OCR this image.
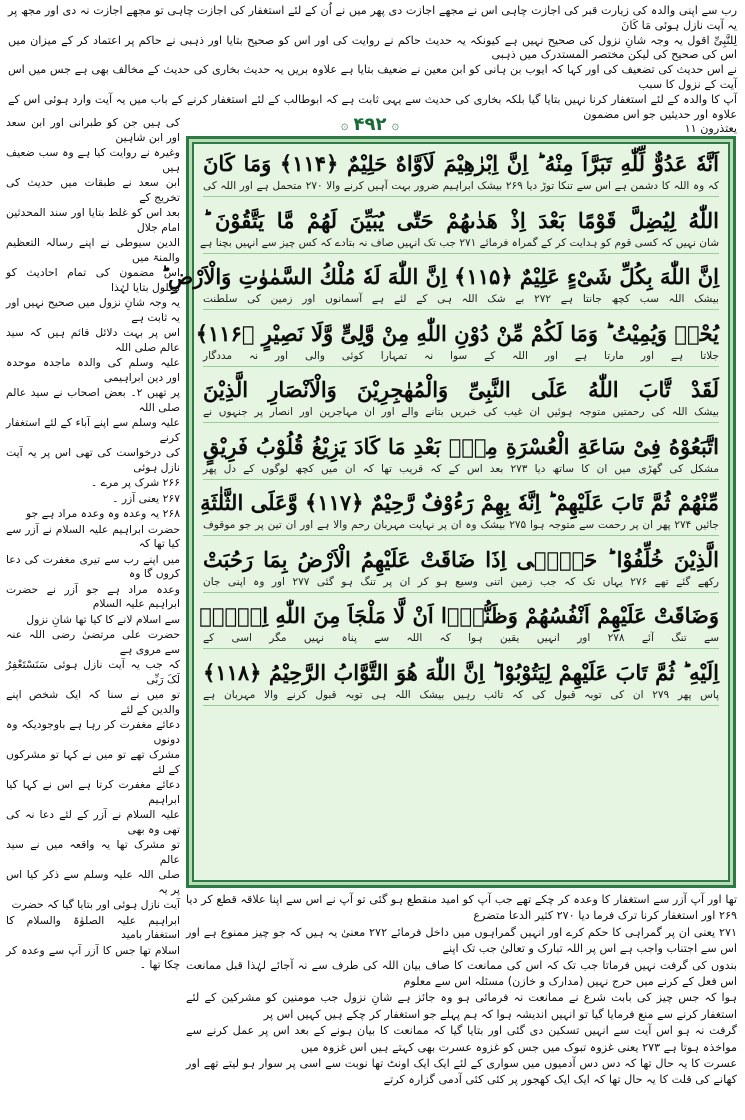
رب سے اپنی والدہ کی زیارت قبر کی اجازت چاہی اس نے مجھے اجازت دی پھر میں نے اُن کے لئے استغفار کی اجازت چاہی تو مجھے اجازت نہ دی اور مجھ پر یہ آیت نازل ہوئی مَا کَانَ

لِلنَّبِیِّ اقول یہ وجہ شانِ نزول کی صحیح نہیں ہے کیونکہ یہ حدیث حاکم نے روایت کی اور اس کو صحیح بتایا اور ذہبی نے حاکم پر اعتماد کر کے میزان میں اس کی صحیح کی لیکن مختصر المستدرک میں ذہبی

نے اس حدیث کی تضعیف کی اور کہا کہ ایوب بن ہانی کو ابن معین نے ضعیف بتایا ہے علاوہ بریں یہ حدیث بخاری کی حدیث کے مخالف بھی ہے جس میں اس آیت کے نزول کا سبب

آپ کا والدہ کے لئے استغفار کرنا نہیں بتایا گیا بلکہ بخاری کی حدیث سے یہی ثابت ہے کہ ابوطالب کے لئے استغفار کرنے کے باب میں یہ آیت وارد ہوئی اس کے علاوہ اور حدیثیں جو اس مضمون

یعتذرون ۱۱

۞ ۴۹۲ ۞

کی ہیں جن کو طبرانی اور ابن سعد اور ابن شاہین

وغیرہ نے روایت کیا ہے وہ سب ضعیف ہیں

ابن سعد نے طبقات میں حدیث کی تخریج کے

بعد اس کو غلط بتایا اور سند المحدثین امام جلال

الدین سیوطی نے اپنے رسالہ التعظیم والمنۃ میں

اس مضمون کی تمام احادیث کو معلول بتایا لہٰذا

یہ وجہ شانِ نزول میں صحیح نہیں اور یہ ثابت ہے

اس پر بہت دلائل قائم ہیں کہ سید عالم صلی اللہ

علیہ وسلم کی والدہ ماجدہ موحدہ اور دین ابراہیمی

پر تھیں ۲۔ بعض اصحاب نے سید عالم صلی اللہ

علیہ وسلم سے اپنے آباء کے لئے استغفار کرنے

کی درخواست کی تھی اس پر یہ آیت نازل ہوئی

۲۶۶ شرک پر مرے ۔

۲۶۷ یعنی آزر ۔

۲۶۸ یہ وعدہ وہ وعدہ مراد ہے جو

حضرت ابراہیم علیہ السلام نے آزر سے کیا تھا کہ

میں اپنے رب سے تیری مغفرت کی دعا کروں گا وہ

وعدہ مراد ہے جو آزر نے حضرت ابراہیم علیہ السلام

سے اسلام لانے کا کیا تھا شانِ نزول

حضرت علی مرتضیٰ رضی اللہ عنہ سے مروی ہے

کہ جب یہ آیت نازل ہوئی سَنَسْتَغْفِرُ لَکَ رَبِّی

تو میں نے سنا کہ ایک شخص اپنے والدین کے لئے

دعائے مغفرت کر رہا ہے باوجودیکہ وہ دونوں

مشرک تھے تو میں نے کہا تو مشرکوں کے لئے

دعائے مغفرت کرتا ہے اس نے کہا کیا ابراہیم

علیہ السلام نے آزر کے لئے دعا نہ کی تھی وہ بھی

تو مشرک تھا یہ واقعہ میں نے سید عالم

صلی اللہ علیہ وسلم سے ذکر کیا اس پر یہ

آیت نازل ہوئی اور بتایا گیا کہ حضرت

ابراہیم علیہ الصلوٰۃ والسلام کا استغفار بامید

اسلام تھا جس کا آزر آپ سے وعدہ کر چکا تھا ۔

اَنَّهٗ عَدُوٌّ لِّلّٰهِ تَبَرَّاَ مِنْهُ ؕ اِنَّ اِبْرٰهِيْمَ لَاَوَّاهٌ حَلِيْمٌ ﴿۱۱۴﴾ وَمَا كَانَ
کہ وہ اللہ کا دشمن ہے اس سے تنکا توڑ دیا ۲۶۹ بیشک ابراہیم ضرور بہت آہیں کرنے والا ۲۷۰ متحمل ہے اور اللہ کی
اللّٰهُ لِيُضِلَّ قَوْمًا بَعْدَ اِذْ هَدٰىهُمْ حَتّٰى يُبَيِّنَ لَهُمْ مَّا يَتَّقُوْنَ ؕ
شان نہیں کہ کسی قوم کو ہدایت کر کے گمراہ فرمائے ۲۷۱ جب تک انہیں صاف نہ بتادے کہ کس چیز سے انہیں بچنا ہے
اِنَّ اللّٰهَ بِكُلِّ شَیْءٍ عَلِيْمٌ ﴿۱۱۵﴾ اِنَّ اللّٰهَ لَهٗ مُلْكُ السَّمٰوٰتِ وَالْاَرْضِ ؕ
بیشک اللہ سب کچھ جانتا ہے ۲۷۲ بے شک اللہ ہی کے لئے ہے آسمانوں اور زمین کی سلطنت
يُحْیٖ وَيُمِيْتُ ؕ وَمَا لَكُمْ مِّنْ دُوْنِ اللّٰهِ مِنْ وَّلِیٍّ وَّلَا نَصِيْرٍ ﴿۱۱۶﴾
جلاتا ہے اور مارتا ہے اور اللہ کے سوا نہ تمہارا کوئی والی اور نہ مددگار
لَقَدْ تَّابَ اللّٰهُ عَلَى النَّبِیِّ وَالْمُهٰجِرِيْنَ وَالْاَنْصَارِ الَّذِيْنَ
بیشک اللہ کی رحمتیں متوجہ ہوئیں ان غیب کی خبریں بتانے والے اور ان مہاجرین اور انصار پر جنہوں نے
اتَّبَعُوْهُ فِیْ سَاعَةِ الْعُسْرَةِ مِنْۢ بَعْدِ مَا كَادَ يَزِيْغُ قُلُوْبُ فَرِيْقٍ
مشکل کی گھڑی میں ان کا ساتھ دیا ۲۷۳ بعد اس کے کہ قریب تھا کہ ان میں کچھ لوگوں کے دل پھر
مِّنْهُمْ ثُمَّ تَابَ عَلَيْهِمْ ؕ اِنَّهٗ بِهِمْ رَءُوْفٌ رَّحِيْمٌ ﴿۱۱۷﴾ وَّعَلَى الثَّلٰثَةِ
جائیں ۲۷۴ پھر ان پر رحمت سے متوجہ ہوا ۲۷۵ بیشک وہ ان پر نہایت مہربان رحم والا ہے اور ان تین پر جو موقوف
الَّذِيْنَ خُلِّفُوْا ؕ حَتّٰۤى اِذَا ضَاقَتْ عَلَيْهِمُ الْاَرْضُ بِمَا رَحُبَتْ
رکھے گئے تھے ۲۷۶ یہاں تک کہ جب زمین اتنی وسیع ہو کر ان پر تنگ ہو گئی ۲۷۷ اور وہ اپنی جان
وَضَاقَتْ عَلَيْهِمْ اَنْفُسُهُمْ وَظَنُّوْۤا اَنْ لَّا مَلْجَاَ مِنَ اللّٰهِ اِلَّاۤ
سے تنگ آئے ۲۷۸ اور انہیں یقین ہوا کہ اللہ سے پناہ نہیں مگر اسی کے
اِلَيْهِ ؕ ثُمَّ تَابَ عَلَيْهِمْ لِيَتُوْبُوْا ؕ اِنَّ اللّٰهَ هُوَ التَّوَّابُ الرَّحِيْمُ ﴿۱۱۸﴾
پاس پھر ۲۷۹ ان کی توبہ قبول کی کہ تائب رہیں بیشک اللہ ہی توبہ قبول کرنے والا مہربان ہے

تھا اور آپ آزر سے استغفار کا وعدہ کر چکے تھے جب آپ کو امید منقطع ہو گئی تو آپ نے اس سے اپنا علاقہ قطع کر دیا ۲۶۹ اور استغفار کرنا ترک فرما دیا ۲۷۰ کثیر الدعا متضرع

۲۷۱ یعنی ان پر گمراہی کا حکم کرے اور انہیں گمراہوں میں داخل فرمائے ۲۷۲ معنیٰ یہ ہیں کہ جو چیز ممنوع ہے اور اس سے اجتناب واجب ہے اس پر اللہ تبارک و تعالیٰ جب تک اپنے

بندوں کی گرفت نہیں فرماتا جب تک کہ اس کی ممانعت کا صاف بیان اللہ کی طرف سے نہ آجائے لہٰذا قبل ممانعت اس فعل کے کرنے میں حرج نہیں (مدارک و خازن) مسئلہ اس سے معلوم

ہوا کہ جس چیز کی بابت شرع نے ممانعت نہ فرمائی ہو وہ جائز ہے شانِ نزول جب مومنین کو مشرکین کے لئے استغفار کرنے سے منع فرمایا گیا تو انہیں اندیشہ ہوا کہ ہم پہلے جو استغفار کر چکے ہیں کہیں اس پر

گرفت نہ ہو اس آیت سے انہیں تسکین دی گئی اور بتایا گیا کہ ممانعت کا بیان ہونے کے بعد اس پر عمل کرنے سے مواخذہ ہوتا ہے ۲۷۳ یعنی غزوہ تبوک میں جس کو غزوہ عسرت بھی کہتے ہیں اس غزوہ میں

عسرت کا یہ حال تھا کہ دس دس آدمیوں میں سواری کے لئے ایک ایک اونٹ تھا نوبت سے اسی پر سوار ہو لیتے تھے اور کھانے کی قلت کا یہ حال تھا کہ ایک ایک کھجور پر کئی کئی آدمی گزارہ کرتے
